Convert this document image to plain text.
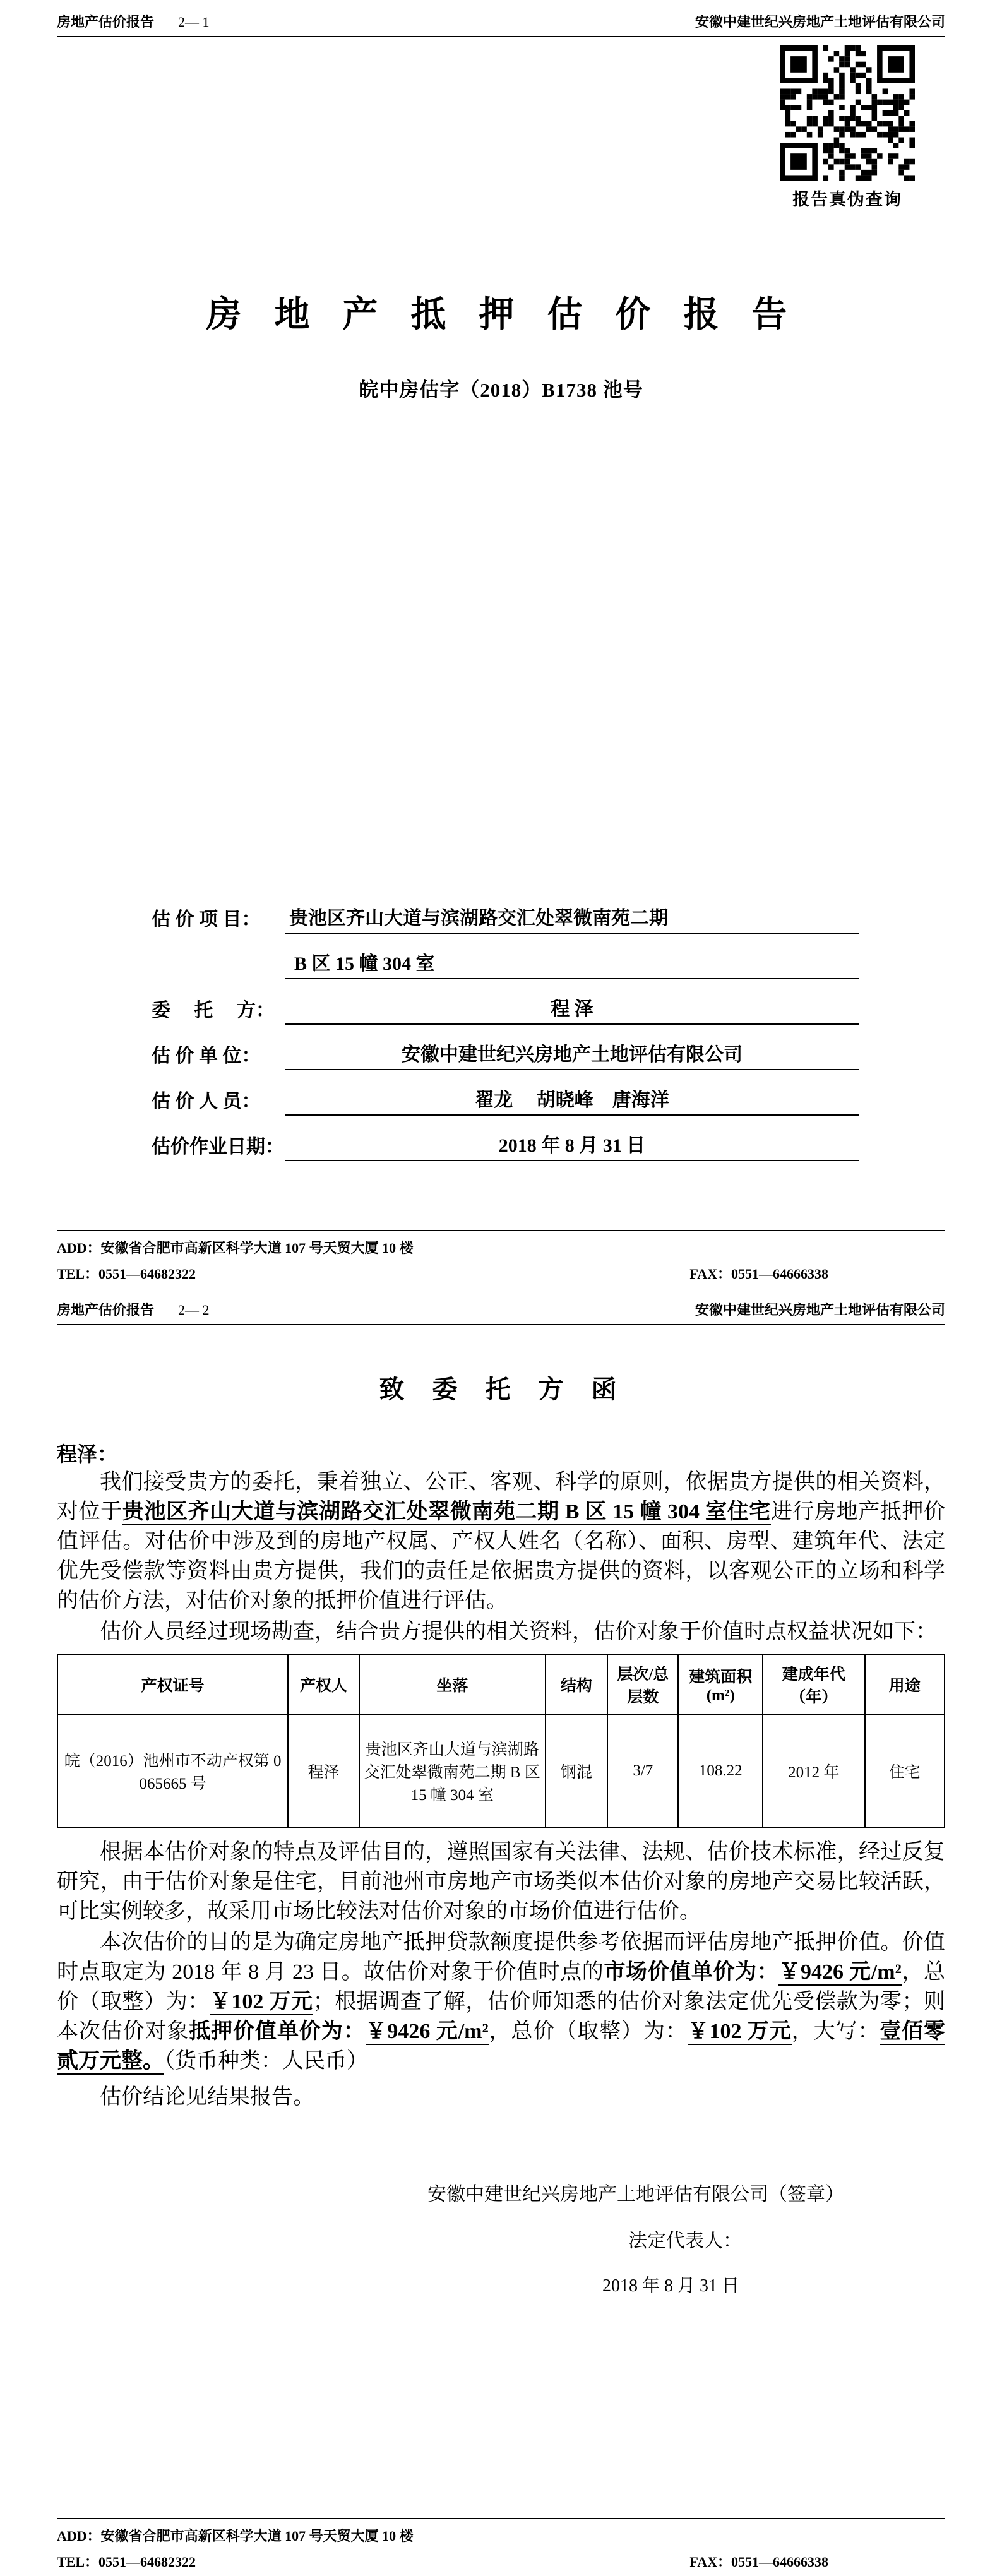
房地产估价报告 2— 1	安徽中建世纪兴房地产土地评估有限公司
报告真伪查询
房 地 产 抵 押 估 价 报 告
皖中房估字（2018）B1738 池号
估 价 项 目：	贵池区齐山大道与滨湖路交汇处翠微南苑二期
B 区 15 幢 304 室
委　 托 　方：	程 泽
估 价 单 位：	安徽中建世纪兴房地产土地评估有限公司
估 价 人 员：	翟龙　 胡晓峰　唐海洋
估价作业日期：	2018 年 8 月 31 日
ADD：安徽省合肥市高新区科学大道 107 号天贸大厦 10 楼
TEL：0551—64682322	FAX：0551—64666338
房地产估价报告 2— 2	安徽中建世纪兴房地产土地评估有限公司
致 委 托 方 函
程泽：

我们接受贵方的委托，秉着独立、公正、客观、科学的原则，依据贵方提供的相关资料，对位于贵池区齐山大道与滨湖路交汇处翠微南苑二期 B 区 15 幢 304 室住宅进行房地产抵押价值评估。对估价中涉及到的房地产权属、产权人姓名（名称）、面积、房型、建筑年代、法定优先受偿款等资料由贵方提供，我们的责任是依据贵方提供的资料，以客观公正的立场和科学的估价方法，对估价对象的抵押价值进行评估。

估价人员经过现场勘查，结合贵方提供的相关资料，估价对象于价值时点权益状况如下：

产权证号	产权人	坐落	结构	层次/总层数	建筑面积(m²)	建成年代（年）	用途
皖（2016）池州市不动产权第 0065665 号	程泽	贵池区齐山大道与滨湖路交汇处翠微南苑二期 B 区 15 幢 304 室	钢混	3/7	108.22	2012 年	住宅

根据本估价对象的特点及评估目的，遵照国家有关法律、法规、估价技术标准，经过反复研究，由于估价对象是住宅，目前池州市房地产市场类似本估价对象的房地产交易比较活跃，可比实例较多，故采用市场比较法对估价对象的市场价值进行估价。

本次估价的目的是为确定房地产抵押贷款额度提供参考依据而评估房地产抵押价值。价值时点取定为 2018 年 8 月 23 日。故估价对象于价值时点的市场价值单价为：￥9426 元/m²，总价（取整）为：￥102 万元；根据调查了解，估价师知悉的估价对象法定优先受偿款为零；则本次估价对象抵押价值单价为：￥9426 元/m²，总价（取整）为：￥102 万元，大写：壹佰零贰万元整。（货币种类：人民币）

估价结论见结果报告。

安徽中建世纪兴房地产土地评估有限公司（签章）
法定代表人：
2018 年 8 月 31 日
ADD：安徽省合肥市高新区科学大道 107 号天贸大厦 10 楼
TEL：0551—64682322	FAX：0551—64666338
